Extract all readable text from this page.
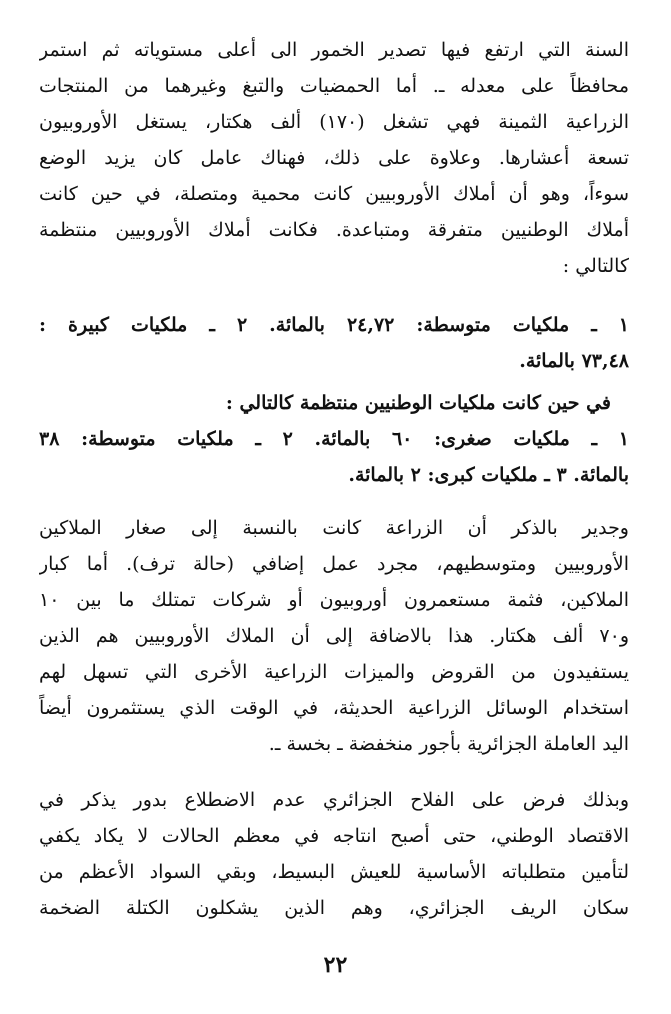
السنة التي ارتفع فيها تصدير الخمور الى أعلى مستوياته ثم استمر
محافظاً على معدله ـ. أما الحمضيات والتبغ وغيرهما من المنتجات
الزراعية الثمينة فهي تشغل (١٧٠) ألف هكتار، يستغل الأوروبيون
تسعة أعشارها. وعلاوة على ذلك، فهناك عامل كان يزيد الوضع
سوءاً، وهو أن أملاك الأوروبيين كانت محمية ومتصلة، في حين كانت
أملاك الوطنيين متفرقة ومتباعدة. فكانت أملاك الأوروبيين منتظمة
كالتالي :
١ ـ ملكيات متوسطة: ٢٤,٧٢ بالمائة. ٢ ـ ملكيات كبيرة :
٧٣,٤٨ بالمائة.
في حين كانت ملكيات الوطنيين منتظمة كالتالي :
١ ـ ملكيات صغرى: ٦٠ بالمائة. ٢ ـ ملكيات متوسطة: ٣٨
بالمائة. ٣ ـ ملكيات كبرى: ٢ بالمائة.
وجدير بالذكر أن الزراعة كانت بالنسبة إلى صغار الملاكين
الأوروبيين ومتوسطيهم، مجرد عمل إضافي (حالة ترف). أما كبار
الملاكين، فثمة مستعمرون أوروبيون أو شركات تمتلك ما بين ١٠
و٧٠ ألف هكتار. هذا بالاضافة إلى أن الملاك الأوروبيين هم الذين
يستفيدون من القروض والميزات الزراعية الأخرى التي تسهل لهم
استخدام الوسائل الزراعية الحديثة، في الوقت الذي يستثمرون أيضاً
اليد العاملة الجزائرية بأجور منخفضة ـ بخسة ـ.
وبذلك فرض على الفلاح الجزائري عدم الاضطلاع بدور يذكر في
الاقتصاد الوطني، حتى أصبح انتاجه في معظم الحالات لا يكاد يكفي
لتأمين متطلباته الأساسية للعيش البسيط، وبقي السواد الأعظم من
سكان الريف الجزائري، وهم الذين يشكلون الكتلة الضخمة
٢٢
